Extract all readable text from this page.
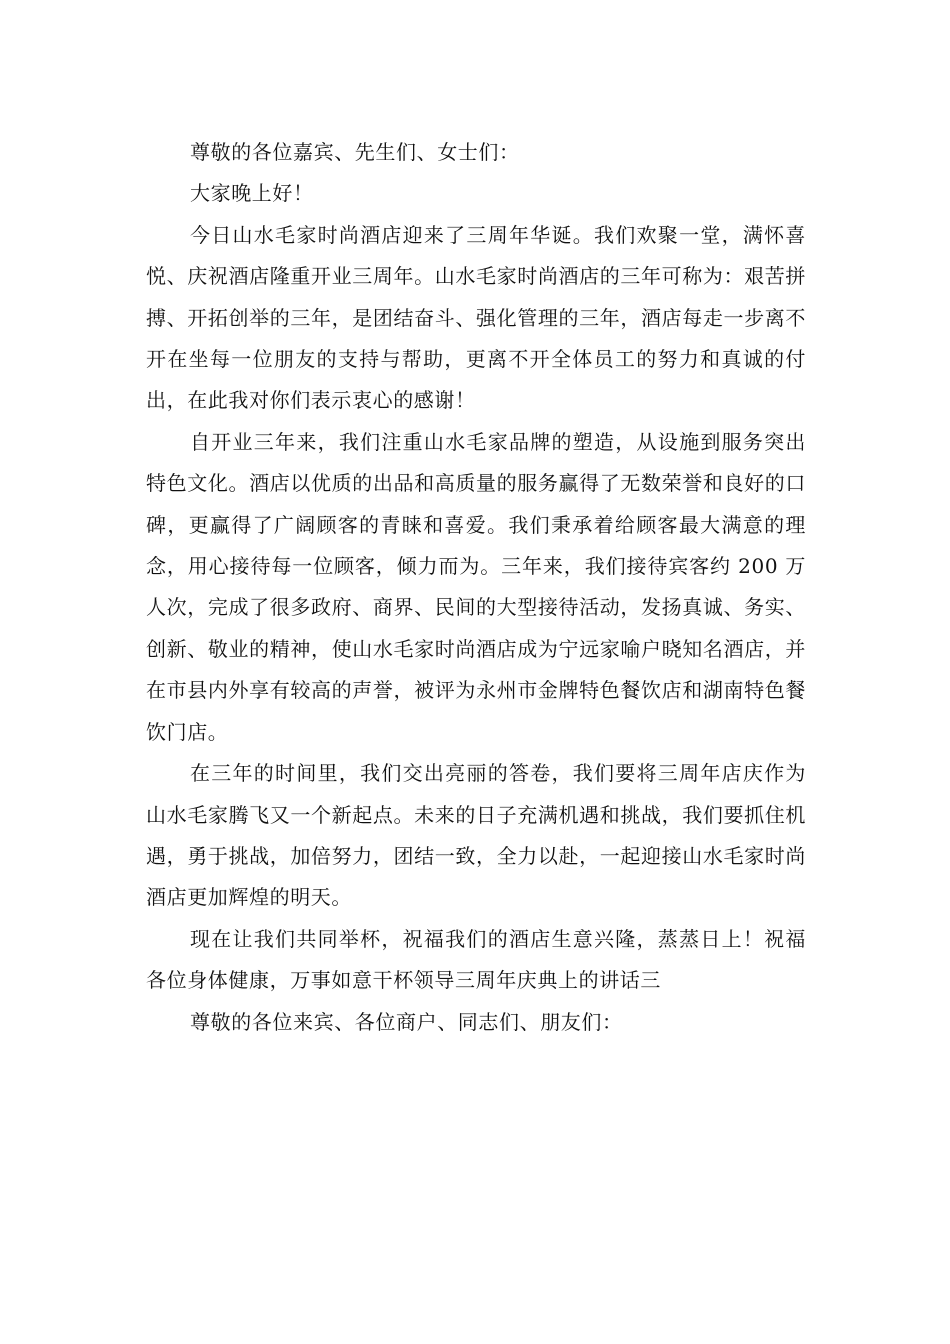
尊敬的各位嘉宾、先生们、女士们：

大家晚上好！

今日山水毛家时尚酒店迎来了三周年华诞。我们欢聚一堂，满怀喜悦、庆祝酒店隆重开业三周年。山水毛家时尚酒店的三年可称为：艰苦拼搏、开拓创举的三年，是团结奋斗、强化管理的三年，酒店每走一步离不开在坐每一位朋友的支持与帮助，更离不开全体员工的努力和真诚的付出，在此我对你们表示衷心的感谢！

自开业三年来，我们注重山水毛家品牌的塑造，从设施到服务突出特色文化。酒店以优质的出品和高质量的服务赢得了无数荣誉和良好的口碑，更赢得了广阔顾客的青睐和喜爱。我们秉承着给顾客最大满意的理念，用心接待每一位顾客，倾力而为。三年来，我们接待宾客约 200 万人次，完成了很多政府、商界、民间的大型接待活动，发扬真诚、务实、创新、敬业的精神，使山水毛家时尚酒店成为宁远家喻户晓知名酒店，并在市县内外享有较高的声誉，被评为永州市金牌特色餐饮店和湖南特色餐饮门店。

在三年的时间里，我们交出亮丽的答卷，我们要将三周年店庆作为山水毛家腾飞又一个新起点。未来的日子充满机遇和挑战，我们要抓住机遇，勇于挑战，加倍努力，团结一致，全力以赴，一起迎接山水毛家时尚酒店更加辉煌的明天。

现在让我们共同举杯，祝福我们的酒店生意兴隆，蒸蒸日上！祝福各位身体健康，万事如意干杯领导三周年庆典上的讲话三

尊敬的各位来宾、各位商户、同志们、朋友们：
